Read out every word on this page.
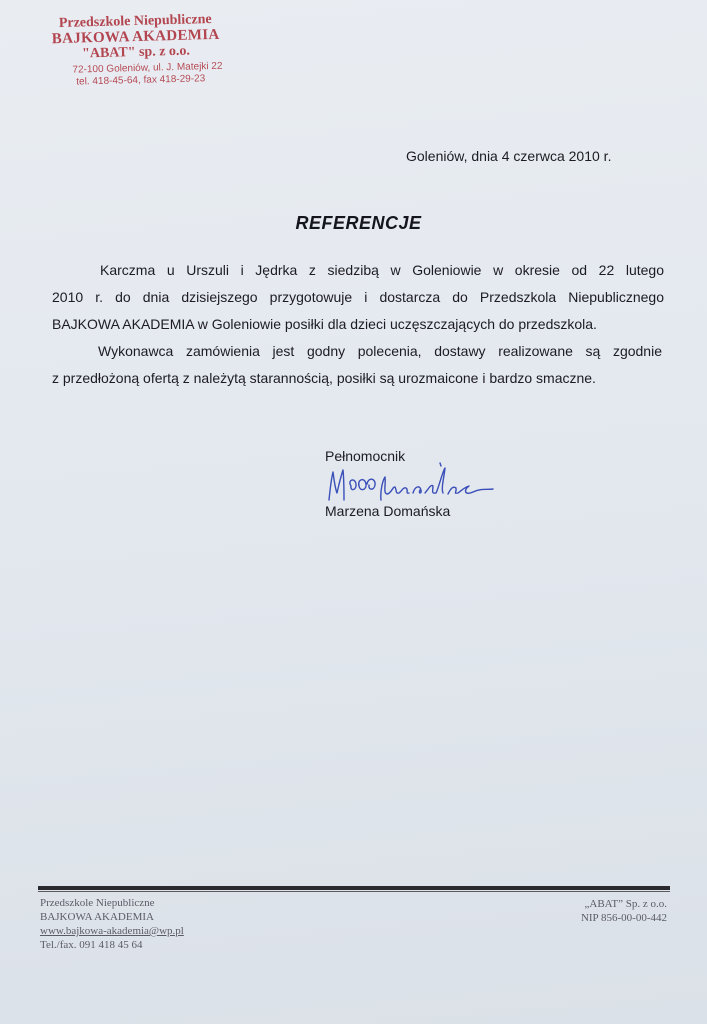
Przedszkole Niepubliczne
BAJKOWA AKADEMIA
"ABAT" sp. z o.o.
72-100 Goleniów, ul. J. Matejki 22
tel. 418-45-64, fax 418-29-23
Goleniów, dnia 4 czerwca 2010 r.
REFERENCJE
Karczma u Urszuli i Jędrka z siedzibą w Goleniowie w okresie od 22 lutego
2010 r. do dnia dzisiejszego przygotowuje i dostarcza do Przedszkola Niepublicznego
BAJKOWA AKADEMIA w Goleniowie posiłki dla dzieci uczęszczających do przedszkola.
Wykonawca zamówienia jest godny polecenia, dostawy realizowane są zgodnie
z przedłożoną ofertą z należytą starannością, posiłki są urozmaicone i bardzo smaczne.
Pełnomocnik
Marzena Domańska
Przedszkole Niepubliczne
BAJKOWA AKADEMIA
www.bajkowa-akademia@wp.pl
Tel./fax. 091 418 45 64
„ABAT” Sp. z o.o.
NIP 856-00-00-442
